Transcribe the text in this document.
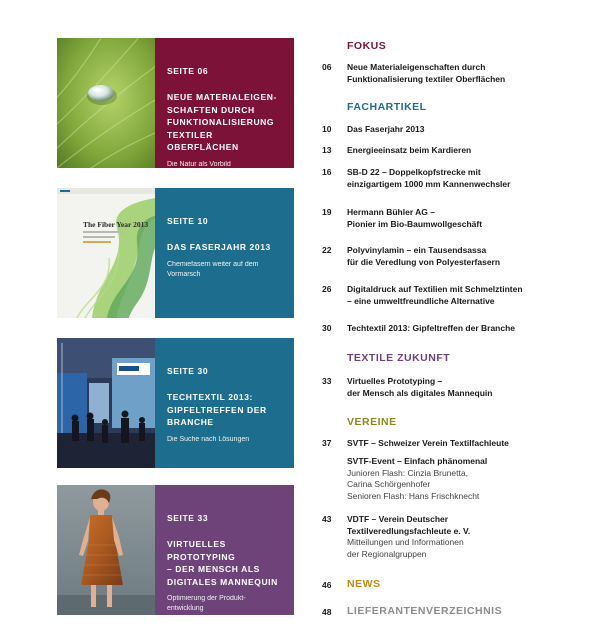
SEITE 06
NEUE MATERIALEIGEN-
SCHAFTEN DURCH
FUNKTIONALISIERUNG
TEXTILER OBERFLÄCHEN
Die Natur als Vorbild
The Fiber Year 2013 SEITE 10
DAS FASERJAHR 2013
Chemiefasern weiter auf dem
Vormarsch
SEITE 30
TECHTEXTIL 2013:
GIPFELTREFFEN DER
BRANCHE
Die Suche nach Lösungen
SEITE 33
VIRTUELLES PROTOTYPING
– DER MENSCH ALS
DIGITALES MANNEQUIN
Optimierung der Produkt-
entwicklung
FOKUS
06	Neue Materialeigenschaften durch
Funktionalisierung textiler Oberflächen
FACHARTIKEL
10	Das Faserjahr 2013
13	Energieeinsatz beim Kardieren
16	SB-D 22 – Doppelkopfstrecke mit
einzigartigem 1000 mm Kannenwechsler
19	Hermann Bühler AG –
Pionier im Bio-Baumwollgeschäft
22	Polyvinylamin – ein Tausendsassa
für die Veredlung von Polyesterfasern
26	Digitaldruck auf Textilien mit Schmelztinten
– eine umweltfreundliche Alternative
30	Techtextil 2013: Gipfeltreffen der Branche
TEXTILE ZUKUNFT
33	Virtuelles Prototyping –
der Mensch als digitales Mannequin
VEREINE
37	SVTF – Schweizer Verein Textilfachleute
SVTF-Event – Einfach phänomenal
Junioren Flash: Cinzia Brunetta,
Carina Schörgenhofer
Senioren Flash: Hans Frischknecht
43	VDTF – Verein Deutscher
Textilveredlungsfachleute e. V.
Mitteilungen und Informationen
der Regionalgruppen
46	NEWS
48	LIEFERANTENVERZEICHNIS
